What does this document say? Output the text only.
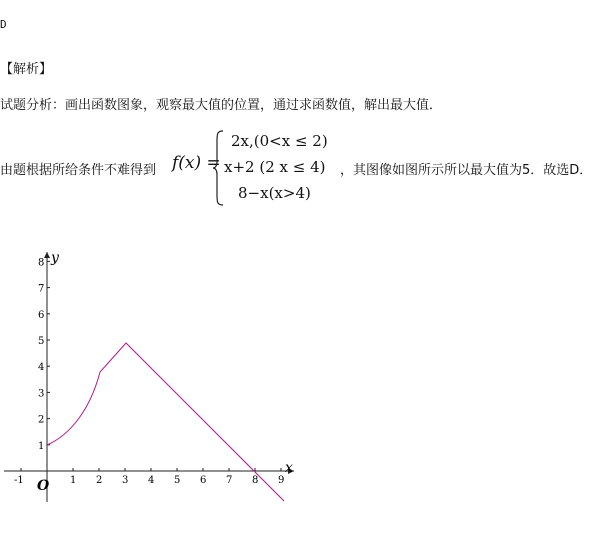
D
【解析】
试题分析：画出函数图象，观察最大值的位置，通过求函数值，解出最大值．
由题根据所给条件不难得到 f(x) =
2x,(0<x ≤ 2)
x+2 (2 x ≤ 4)
8−x(x>4)
，其图像如图所示所以最大值为5．故选D．
-1	1 2 3 4 5 6 7 8 9
1
2
3
4
5
6
7
8
x
y
O
